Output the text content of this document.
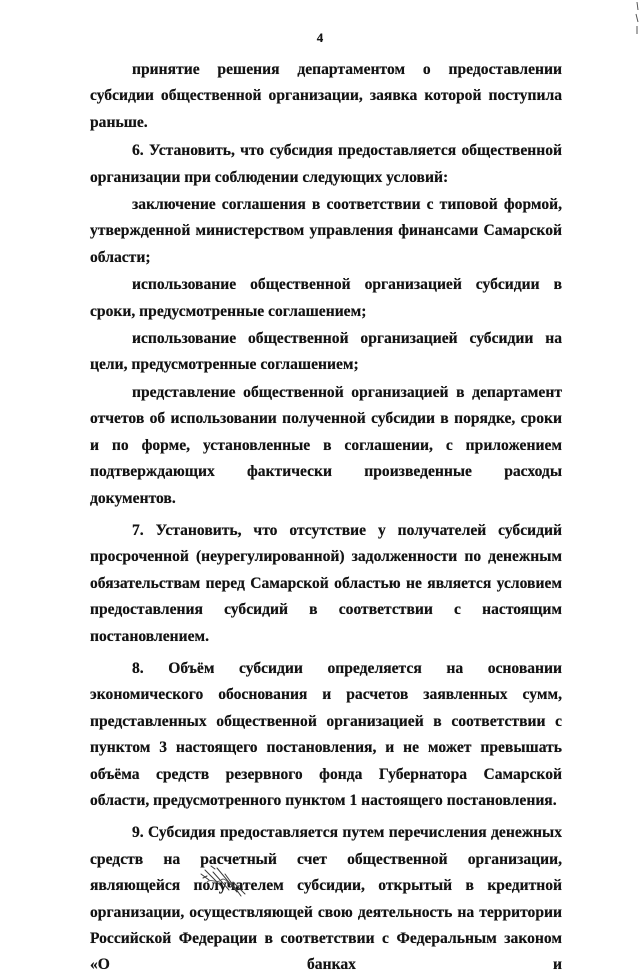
4

принятие решения департаментом о предоставлении субсидии общественной организации, заявка которой поступила раньше.

6. Установить, что субсидия предоставляется общественной организации при соблюдении следующих условий:

заключение соглашения в соответствии с типовой формой, утвержденной министерством управления финансами Самарской области;

использование общественной организацией субсидии в сроки, предусмотренные соглашением;

использование общественной организацией субсидии на цели, предусмотренные соглашением;

представление общественной организацией в департамент отчетов об использовании полученной субсидии в порядке, сроки и по форме, установленные в соглашении, с приложением подтверждающих фактически произведенные расходы документов.

7. Установить, что отсутствие у получателей субсидий просроченной (неурегулированной) задолженности по денежным обязательствам перед Самарской областью не является условием предоставления субсидий в соответствии с настоящим постановлением.

8. Объём субсидии определяется на основании экономического обоснования и расчетов заявленных сумм, представленных общественной организацией в соответствии с пунктом 3 настоящего постановления, и не может превышать объёма средств резервного фонда Губернатора Самарской области, предусмотренного пунктом 1 настоящего постановления.

9. Субсидия предоставляется путем перечисления денежных средств на расчетный счет общественной организации, являющейся получателем субсидии, открытый в кредитной организации, осуществляющей свою деятельность на территории Российской Федерации в соответствии с Федеральным законом «О банках и
